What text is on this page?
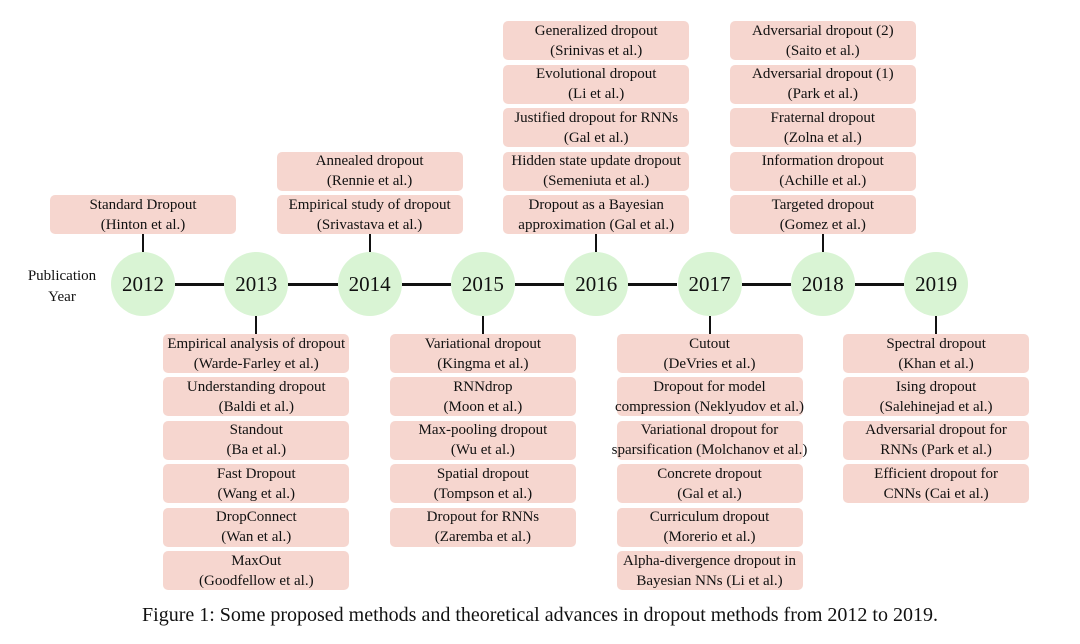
Publication
Year
Figure 1: Some proposed methods and theoretical advances in dropout methods from 2012 to 2019.
2012
Standard Dropout
(Hinton et al.)
2013
Empirical analysis of dropout
(Warde-Farley et al.)
Understanding dropout
(Baldi et al.)
Standout
(Ba et al.)
Fast Dropout
(Wang et al.)
DropConnect
(Wan et al.)
MaxOut
(Goodfellow et al.)
2014
Annealed dropout
(Rennie et al.)
Empirical study of dropout
(Srivastava et al.)
2015
Variational dropout
(Kingma et al.)
RNNdrop
(Moon et al.)
Max-pooling dropout
(Wu et al.)
Spatial dropout
(Tompson et al.)
Dropout for RNNs
(Zaremba et al.)
2016
Generalized dropout
(Srinivas et al.)
Evolutional dropout
(Li et al.)
Justified dropout for RNNs
(Gal et al.)
Hidden state update dropout
(Semeniuta et al.)
Dropout as a Bayesian
approximation (Gal et al.)
2017
Cutout
(DeVries et al.)
Dropout for model
compression (Neklyudov et al.)
Variational dropout for
sparsification (Molchanov et al.)
Concrete dropout
(Gal et al.)
Curriculum dropout
(Morerio et al.)
Alpha-divergence dropout in
Bayesian NNs (Li et al.)
2018
Adversarial dropout (2)
(Saito et al.)
Adversarial dropout (1)
(Park et al.)
Fraternal dropout
(Zolna et al.)
Information dropout
(Achille et al.)
Targeted dropout
(Gomez et al.)
2019
Spectral dropout
(Khan et al.)
Ising dropout
(Salehinejad et al.)
Adversarial dropout for
RNNs (Park et al.)
Efficient dropout for
CNNs (Cai et al.)
